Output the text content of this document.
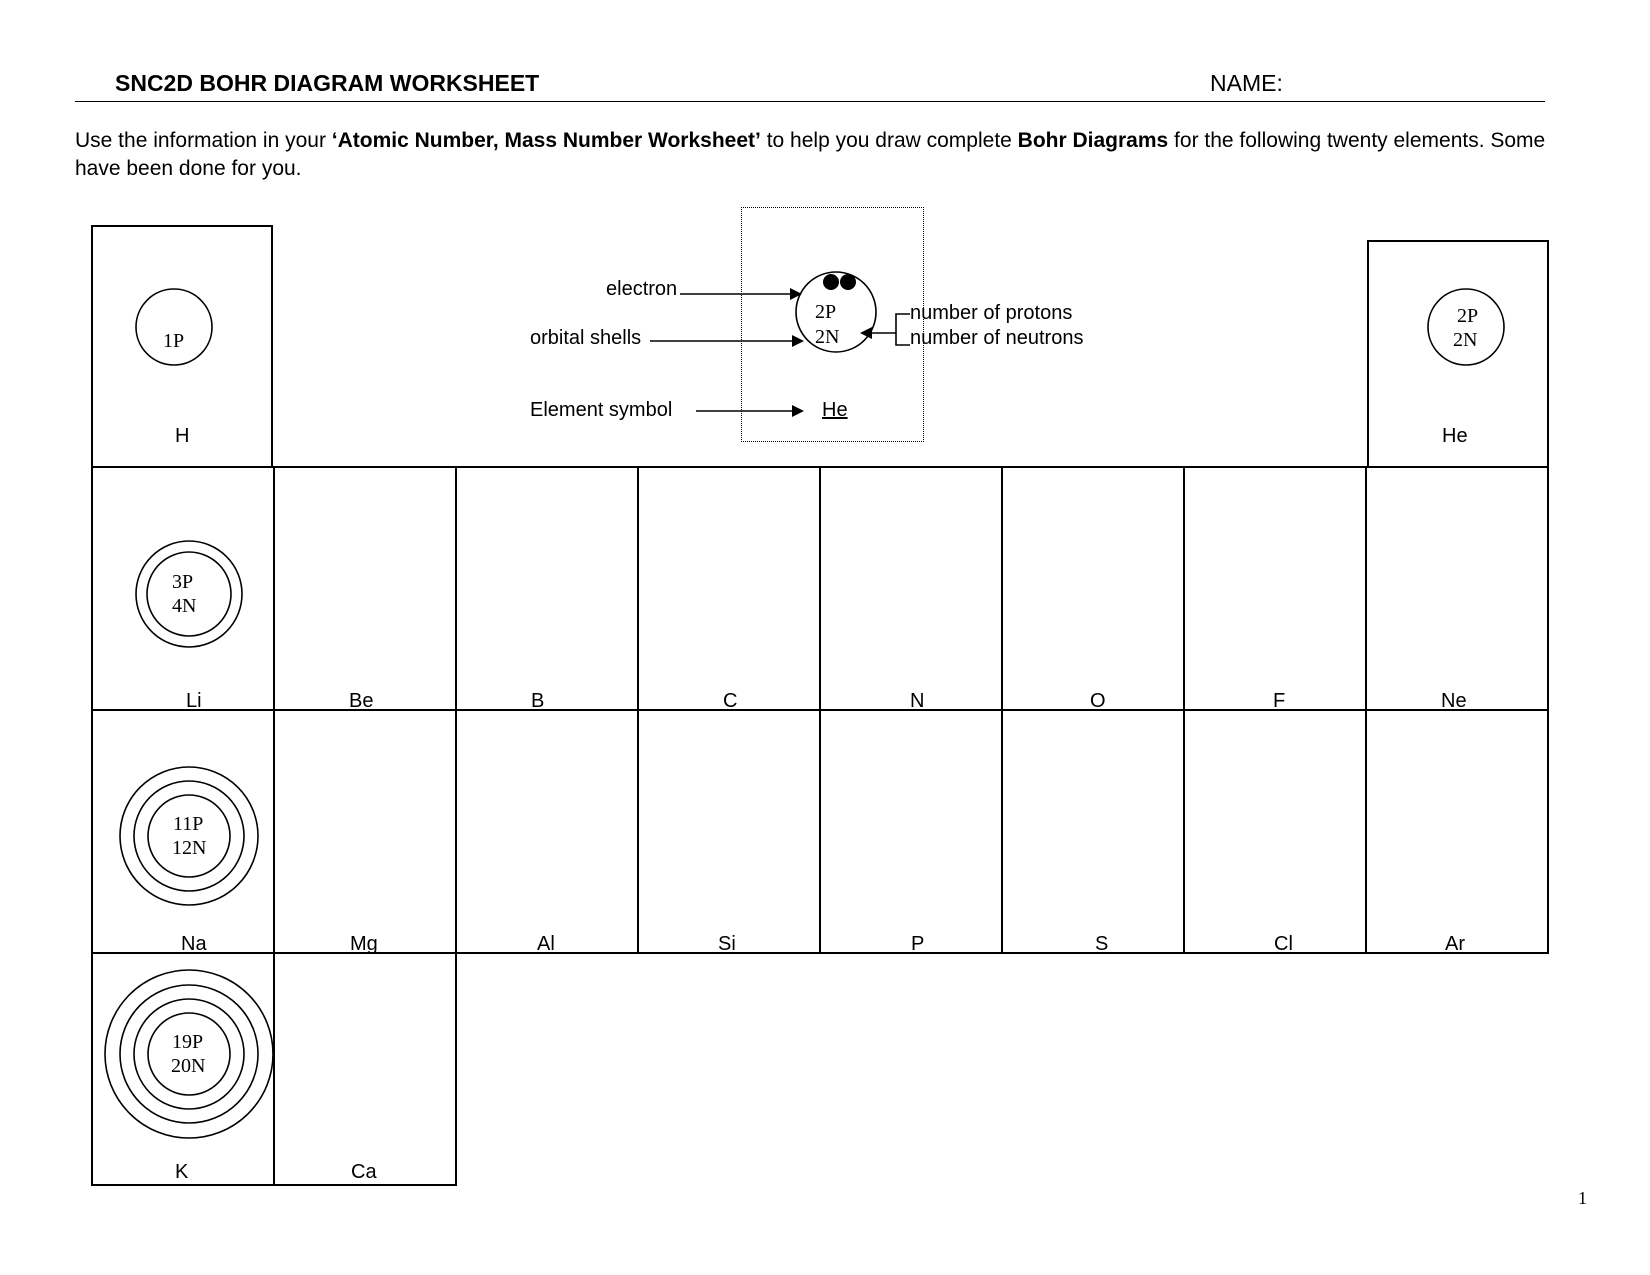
SNC2D BOHR DIAGRAM WORKSHEET	NAME:
Use the information in your ‘Atomic Number, Mass Number Worksheet’ to help you draw complete Bohr Diagrams for the following twenty elements. Some have been done for you.
H	He
Li	Be	B	C	N	O	F	Ne
Na	Mg	Al	Si	P	S	Cl	Ar
K	Ca
1P
2P
2N
3P
4N
11P
12N
19P
20N
2P
2N
electron
orbital shells
Element symbol
number of protons
number of neutrons
He
1
